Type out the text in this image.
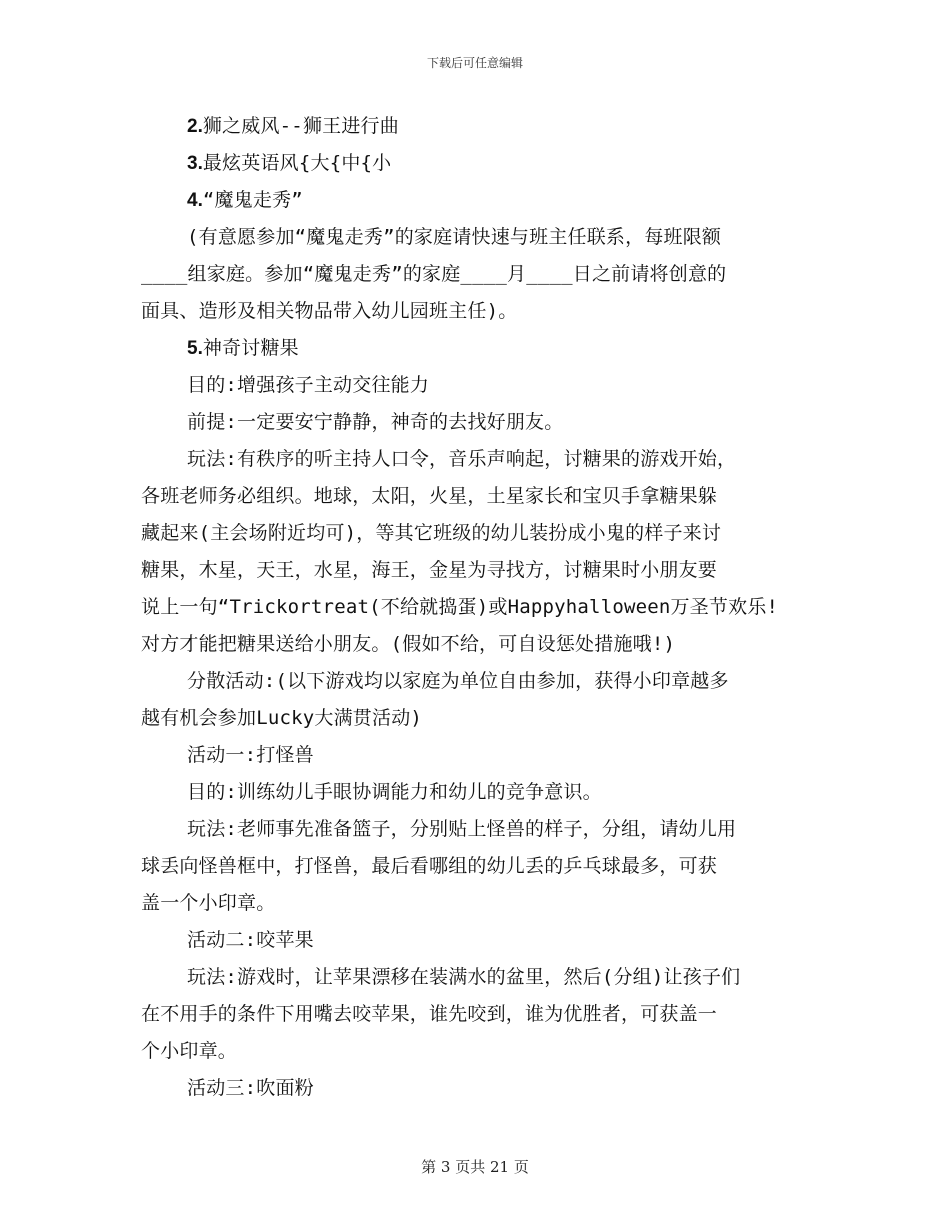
下载后可任意编辑
2.狮之威风--狮王进行曲
3.最炫英语风{大{中{小
4.“魔鬼走秀”
(有意愿参加“魔鬼走秀”的家庭请快速与班主任联系，每班限额
____组家庭。参加“魔鬼走秀”的家庭____月____日之前请将创意的
面具、造形及相关物品带入幼儿园班主任)。
5.神奇讨糖果
目的:增强孩子主动交往能力
前提:一定要安宁静静，神奇的去找好朋友。
玩法:有秩序的听主持人口令，音乐声响起，讨糖果的游戏开始，
各班老师务必组织。地球，太阳，火星，土星家长和宝贝手拿糖果躲
藏起来(主会场附近均可)，等其它班级的幼儿装扮成小鬼的样子来讨
糖果，木星，天王，水星，海王，金星为寻找方，讨糖果时小朋友要
说上一句“Trickortreat(不给就捣蛋)或Happyhalloween万圣节欢乐!
对方才能把糖果送给小朋友。(假如不给，可自设惩处措施哦!)
分散活动:(以下游戏均以家庭为单位自由参加，获得小印章越多
越有机会参加Lucky大满贯活动)
活动一:打怪兽
目的:训练幼儿手眼协调能力和幼儿的竞争意识。
玩法:老师事先准备篮子，分别贴上怪兽的样子，分组，请幼儿用
球丢向怪兽框中，打怪兽，最后看哪组的幼儿丢的乒乓球最多，可获
盖一个小印章。
活动二:咬苹果
玩法:游戏时，让苹果漂移在装满水的盆里，然后(分组)让孩子们
在不用手的条件下用嘴去咬苹果，谁先咬到，谁为优胜者，可获盖一
个小印章。
活动三:吹面粉
第 3 页共 21 页
